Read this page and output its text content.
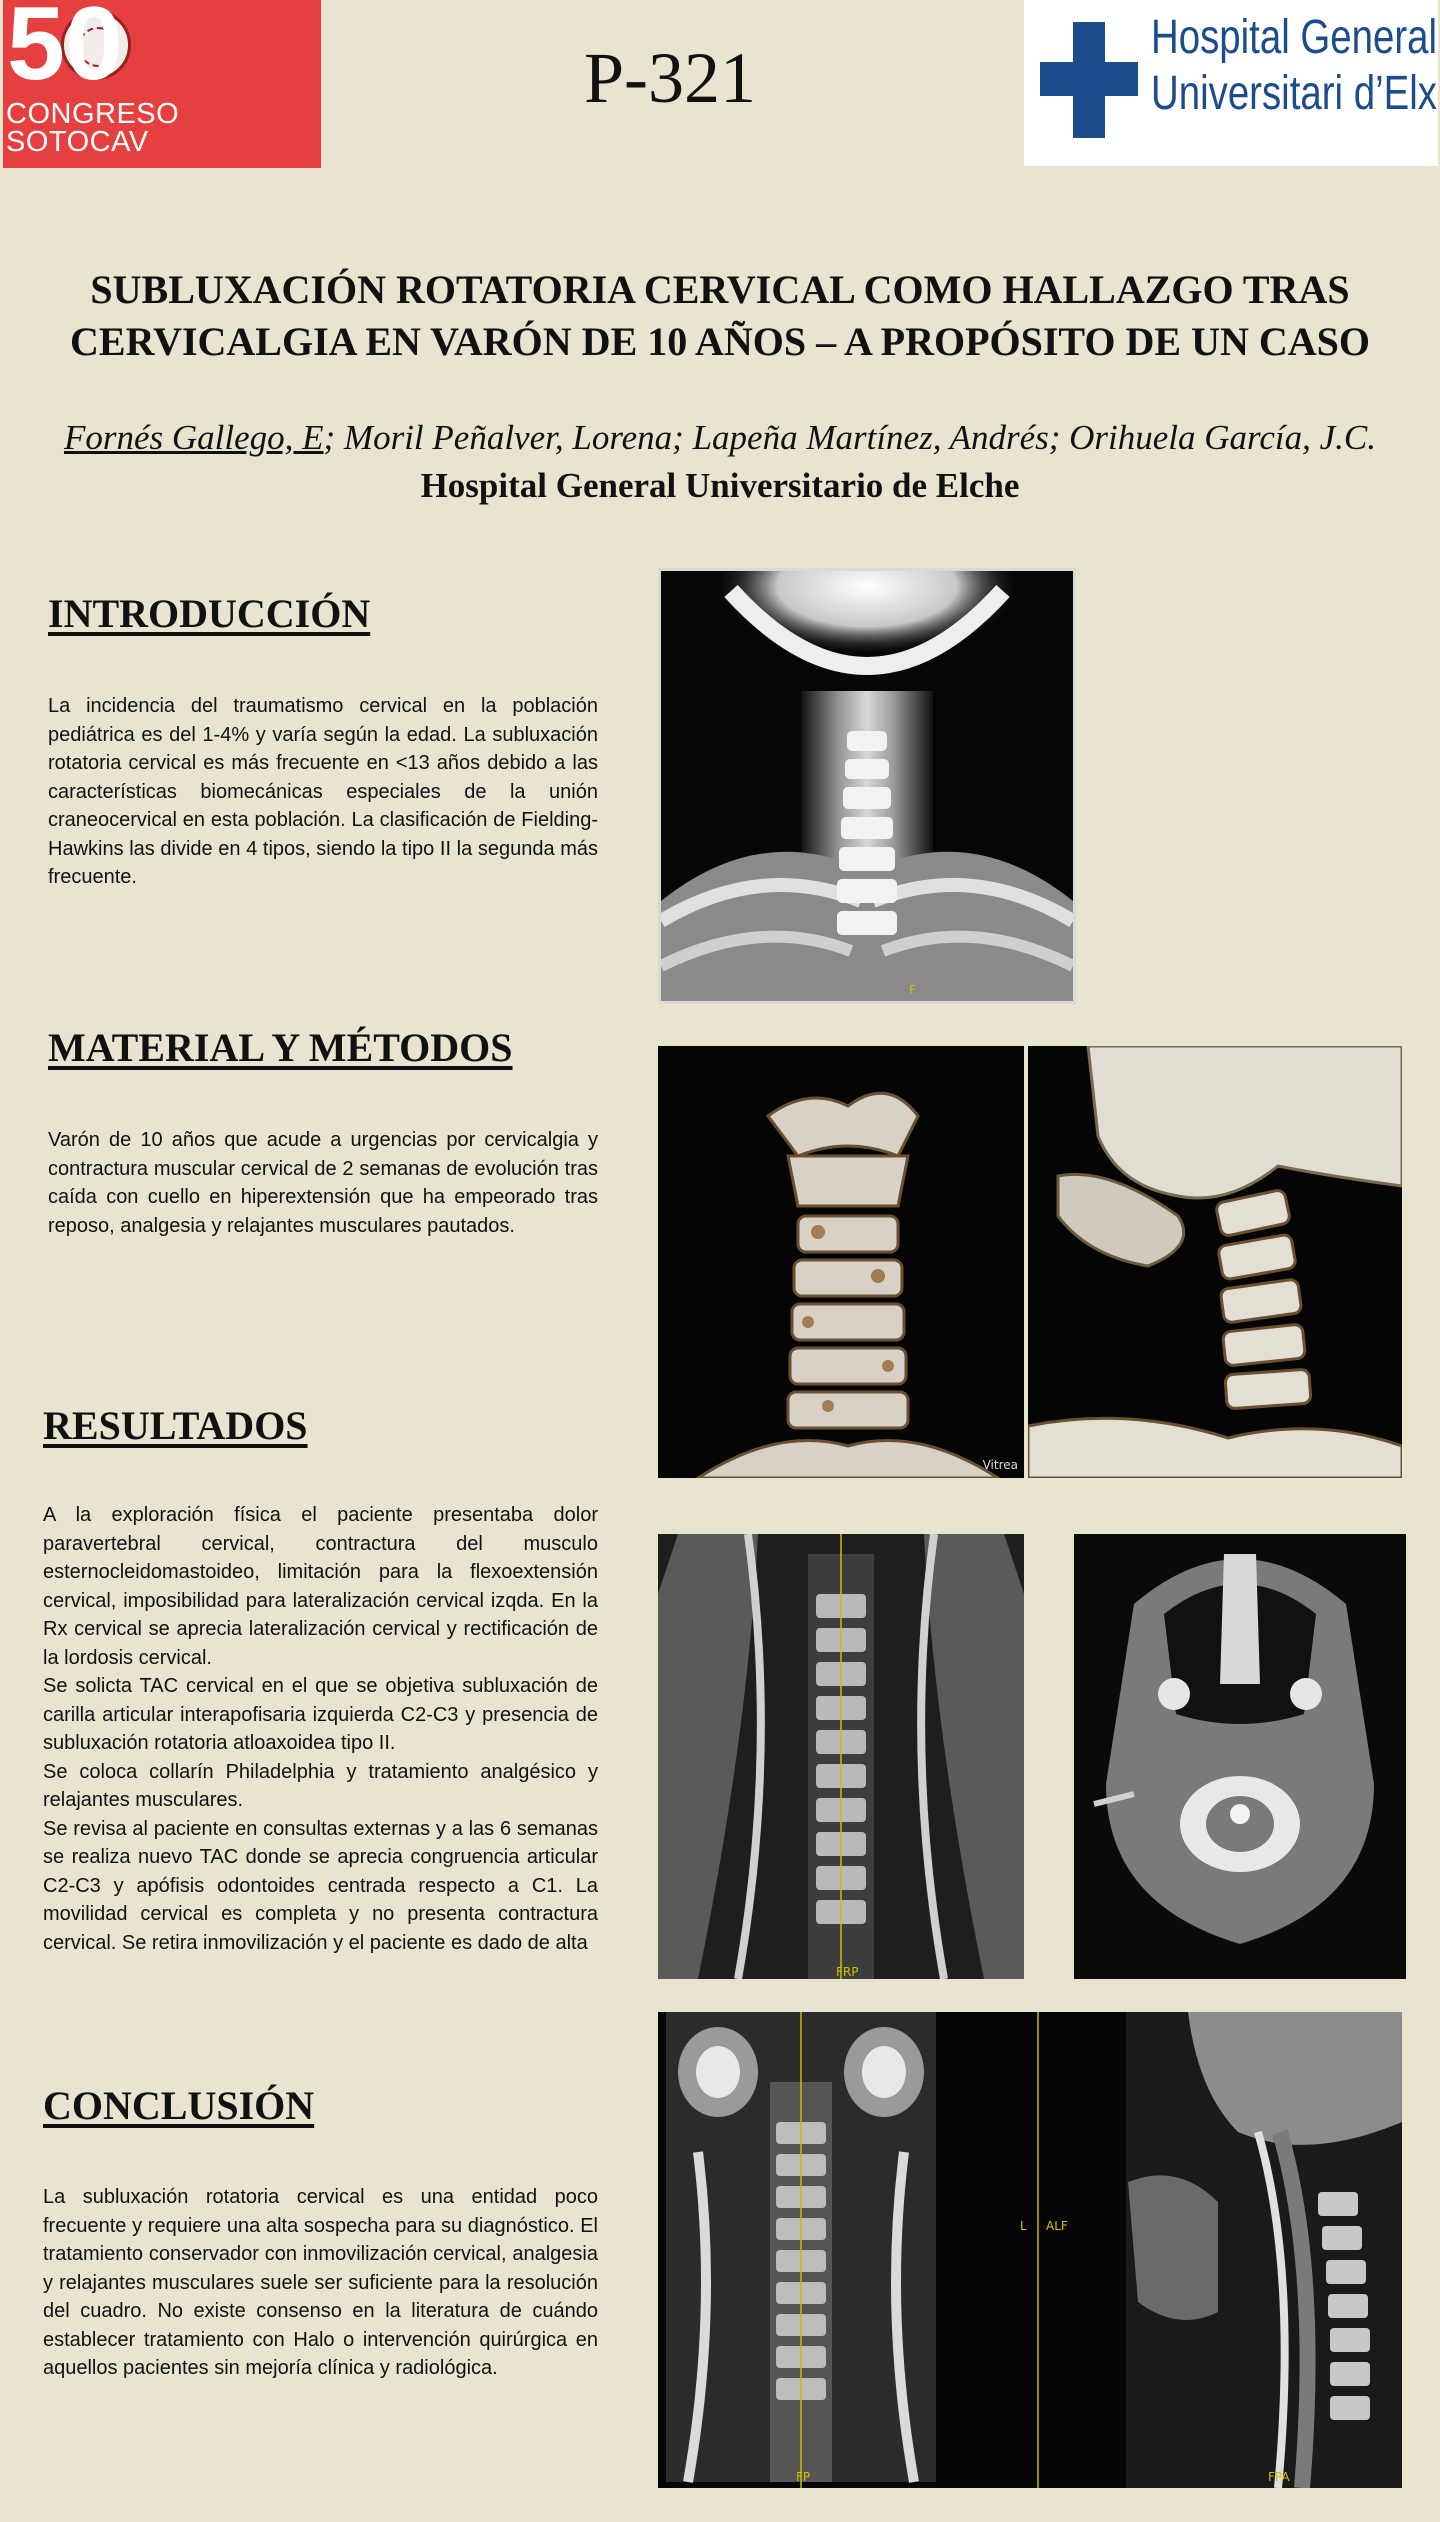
50
CONGRESO
SOTOCAV
P-321
Hospital General
Universitari d’Elx
SUBLUXACIÓN ROTATORIA CERVICAL COMO HALLAZGO TRAS
CERVICALGIA EN VARÓN DE 10 AÑOS – A PROPÓSITO DE UN CASO
Fornés Gallego, E; Moril Peñalver, Lorena; Lapeña Martínez, Andrés; Orihuela García, J.C.
Hospital General Universitario de Elche
INTRODUCCIÓN
La incidencia del traumatismo cervical en la población pediátrica es del 1-4% y varía según la edad. La subluxación rotatoria cervical es más frecuente en <13 años debido a las características biomecánicas especiales de la unión craneocervical en esta población. La clasificación de Fielding-Hawkins las divide en 4 tipos, siendo la tipo II la segunda más frecuente.
MATERIAL Y MÉTODOS
Varón de 10 años que acude a urgencias por cervicalgia y contractura muscular cervical de 2 semanas de evolución tras caída con cuello en hiperextensión que ha empeorado tras reposo, analgesia y relajantes musculares pautados.
RESULTADOS

A la exploración física el paciente presentaba dolor paravertebral cervical, contractura del musculo esternocleidomastoideo, limitación para la flexoextensión cervical, imposibilidad para lateralización cervical izqda. En la Rx cervical se aprecia lateralización cervical y rectificación de la lordosis cervical.

Se solicta TAC cervical en el que se objetiva subluxación de carilla articular interapofisaria izquierda C2-C3 y presencia de subluxación rotatoria atloaxoidea tipo II.

Se coloca collarín Philadelphia y tratamiento analgésico y relajantes musculares.

Se revisa al paciente en consultas externas y a las 6 semanas se realiza nuevo TAC donde se aprecia congruencia articular C2-C3 y apófisis odontoides centrada respecto a C1. La movilidad cervical es completa y no presenta contractura cervical. Se retira inmovilización y el paciente es dado de alta

CONCLUSIÓN
La subluxación rotatoria cervical es una entidad poco frecuente y requiere una alta sospecha para su diagnóstico. El tratamiento conservador con inmovilización cervical, analgesia y relajantes musculares suele ser suficiente para la resolución del cuadro. No existe consenso en la literatura de cuándo establecer tratamiento con Halo o intervención quirúrgica en aquellos pacientes sin mejoría clínica y radiológica.
F
Vitrea
FRP
FP
L ALF
FPA
